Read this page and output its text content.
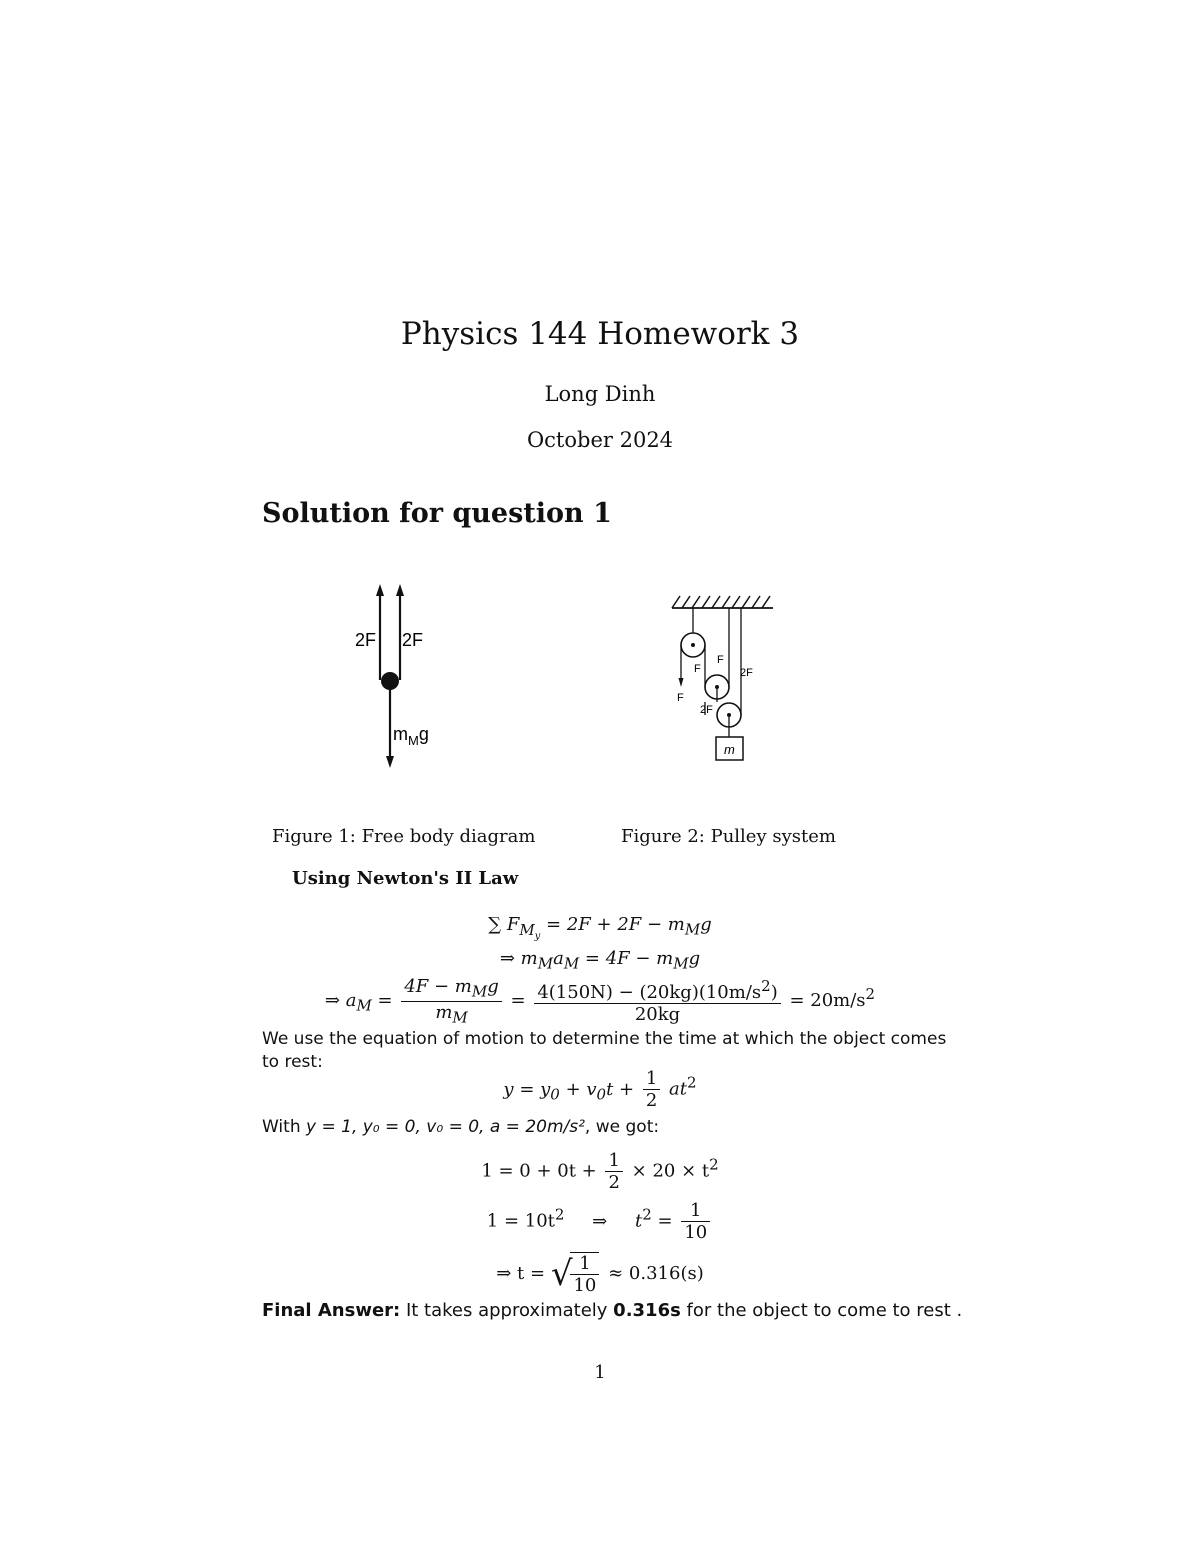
Physics 144 Homework 3
Long Dinh
October 2024
Solution for question 1
2F 2F
$m_Mg$
m
F
F
F
2F
2F
Figure 1: Free body diagram	Figure 2: Pulley system
Using Newton's II Law
∑ $F_{M_y} = 2F + 2F - m_Mg$
⇒ $m_Ma_M = 4F - m_Mg$
⇒ $a_M = \frac{4F - m_Mg}{m_M} = \frac{4(150N) - (20kg)(10m/s^2)}{20kg} = 20m/s^2$
We use the equation of motion to determine the time at which the object comes to rest:
$y = y_0 + v_0t + \frac{1}{2} at^2$
With y = 1, y₀ = 0, v₀ = 0, a = 20m/s², we got:
$1 = 0 + 0t + \frac{1}{2} \times 20 \times t^2$
$1 = 10t^2$ ⇒ $t^2 = \frac{1}{10}$
⇒ t = √
$\frac{1}{10} \approx 0.316(s)$
Final Answer: It takes approximately 0.316s for the object to come to rest .
1
